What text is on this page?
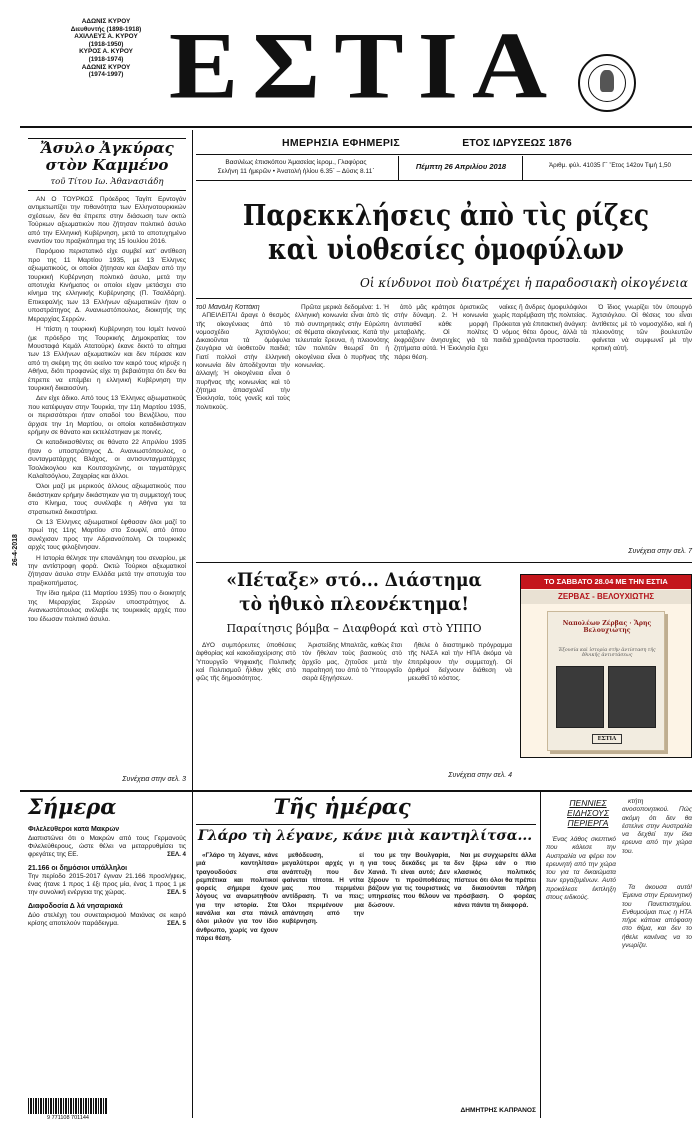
ΑΔΩΝΙΣ ΚΥΡΟΥ
Διευθυντής (1898-1918)
ΑΧΙΛΛΕΥΣ Α. ΚΥΡΟΥ
(1918-1950)
ΚΥΡΟΣ Α. ΚΥΡΟΥ
(1918-1974)
ΑΔΩΝΙΣ ΚΥΡΟΥ
(1974-1997) ΕΣΤΙΑ
ΗΜΕΡΗΣΙΑ ΕΦΗΜΕΡΙΣ	ΕΤΟΣ ΙΔΡΥΣΕΩΣ 1876
Βασιλέως ἐπισκόπου Ἀμασείας ἱερομ., Γλαφύρας
Σελήνη 11 ἡμερῶν • Ἀνατολή ἡλίου 6.35΄ – Δύσις 8.11΄
Πέμπτη 26 Απριλίου 2018	Ἀριθμ. φύλ. 41035 Γ΄ Ἔτος 142ον Τιμή 1,50
Ἄσυλο Ἀγκύρας
στὸν Καμμένο
τοῦ Τίτου Ιω. Ἀθανασιάδη
26-4-2018

ΑΝ Ο ΤΟΥΡΚΟΣ Πρόεδρος Ταγίπ Ερντογάν αντιμετωπίζει την πιθανότητα των Ελληνοτουρκικών σχέσεων, δεν θα έπρεπε στην διάσωση των οκτώ Τούρκων αξιωματικών που ζήτησαν πολιτικό άσυλο από την Ελληνική Κυβέρνηση, μετά το αποτυχημένο εναντίον του πραξικόπημα της 15 Ιουλίου 2016.

Παρόμοιο περιστατικό είχε συμβεί κατ’ αντίθεση προ της 11 Μαρτίου 1935, με 13 Έλληνες αξιωματικούς, οι οποίοι ζήτησαν και έλαβαν από την τουρκική Κυβέρνηση πολιτικό άσυλο, μετά την αποτυχία Κινήματος οι οποίοι είχαν μετάσχει στο κίνημα της ελληνικής Κυβέρνησης (Π. Τσαλδάρη). Επικεφαλής των 13 Ελλήνων αξιωματικών ήταν ο υποστράτηγος Δ. Ανανιωστόπουλος, διοικητής της Μεραρχίας Σερρών.

Η ‘πίστη η τουρκική Κυβέρνηση του Ισμέτ Ινονού (με πρόεδρο της Τουρκικής Δημοκρατίας τον Μουσταφά Κεμάλ Ατατούρκ) έκανε δεκτό το αίτημα των 13 Ελλήνων αξιωματικών και δεν πέρασε καν από τη σκέψη της ότι εκείνο τον καιρό τους κήρυξε η Αθήνα, διότι προφανώς είχε τη βεβαιότητα ότι δεν θα έπρεπε να επέμβει η ελληνική Κυβέρνηση την τουρκική δικαιοσύνη.

Δεν είχε άδικο. Από τους 13 Έλληνες αξιωματικούς που κατέφυγαν στην Τουρκία, την 11η Μαρτίου 1935, οι περισσότεροι ήταν οπαδοί του Βενιζέλου, που άρχισε την 1η Μαρτίου, οι οποίοι καταδικάστηκαν ερήμην σε θάνατο και εκτελέστηκαν με ποινές.

Οι καταδικασθέντες σε θάνατο 22 Απριλίου 1935 ήταν ο υποστράτηγος Δ. Ανανιωστόπουλος, ο συνταγματάρχης Βλάχος, οι αντισυνταγματάρχες Τσολάκογλου και Κουτσοχιώνης, οι ταγματάρχες Καλαϊτσόγλου, Ζαχαρίας και άλλοι.

Όλοι μαζί με μερικούς άλλους αξιωματικούς που δικάστηκαν ερήμην δικάστηκαν για τη συμμετοχή τους στο Κίνημα, τους συνέλαβε η Αθήνα για τα στρατιωτικά δικαστήρια.

Οι 13 Έλληνες αξιωματικοί έφθασαν όλοι μαζί το πρωί της 11ης Μαρτίου στο Σουφλί, από όπου συνέχισαν προς την Αδριανούπολη. Οι τουρκικές αρχές τους φιλοξένησαν.

Η Ιστορία θέλησε την επανάληψη του σεναρίου, με την αντίστροφη φορά. Οκτώ Τούρκοι αξιωματικοί ζήτησαν άσυλο στην Ελλάδα μετά την αποτυχία του πραξικοπήματος.

Την ίδια ημέρα (11 Μαρτίου 1935) που ο διοικητής της Μεραρχίας Σερρών υποστράτηγος Δ. Ανανιωστόπουλος ανέλαβε τις τουρκικές αρχές που του έδωσαν πολιτικό άσυλο.

Συνέχεια στην σελ. 3
Παρεκκλήσεις ἀπὸ τὶς ρίζες
καὶ υἱοθεσίες ὁμοφύλων
Οἱ κίνδυνοι ποὺ διατρέχει ἡ παραδοσιακὴ οἰκογένεια
τοῦ Μανόλη Κοττάκη

ΑΠΕΙΛΕΙΤΑΙ ἄραγε ὁ θεσμὸς τῆς οἰκογένειας ἀπὸ τὸ νομοσχέδιο Ἀχτσιόγλου; Δικαιοῦνται τὰ ὁμόφυλα ζευγάρια νὰ ὑιοθετοῦν παιδιά; Γιατί πολλοὶ στὴν ἑλληνικὴ κοινωνία δὲν ἀποδέχονται τὴν ἀλλαγή; Ἡ οἰκογένεια εἶναι ὁ πυρῆνας τῆς κοινωνίας καὶ τὸ ζήτημα ἀπασχολεῖ τὴν Ἐκκλησία, τοὺς γονεῖς καὶ τοὺς πολιτικοὺς.

Πρῶτα μερικὰ δεδομένα: 1. Ἡ ἑλληνικὴ κοινωνία εἶναι ἀπὸ τὶς πιὸ συντηρητικὲς στὴν Εὐρώπη σὲ θέματα οἰκογένειας. Κατὰ τὴν τελευταία ἔρευνα, ἡ πλειονότης τῶν πολιτῶν θεωρεῖ ὅτι ἡ οἰκογένεια εἶναι ὁ πυρῆνας τῆς κοινωνίας.

ἀπὸ μᾶς κράτησε ὁριστικῶς στὴν δύναμη. 2. Ἡ κοινωνία ἀντιπαθεῖ κάθε μορφὴ μεταβολῆς. Οἱ πολίτες ἐκφράζουν ἀνησυχίες γιὰ τὰ ζητήματα αὐτά. Ἡ Ἐκκλησία ἔχει πάρει θέση.

ναίκες ἢ ἄνδρες ὁμοφυλόφιλοι χωρὶς παρέμβαση τῆς πολιτείας. Πρόκειται γιὰ ἐπιτακτικὴ ἀνάγκη: Ὁ νόμος θέτει ὅρους, ἀλλὰ τὰ παιδιὰ χρειάζονται προστασία.

Ὁ ἴδιος γνωρίζει τὸν ὑπουργὸ Ἀχτσιόγλου. Οἱ θέσεις του εἶναι ἀντίθετες μὲ τὸ νομοσχέδιο, καὶ ἡ πλειονότης τῶν βουλευτῶν φαίνεται νὰ συμφωνεῖ μὲ τὴν κριτικὴ αὐτή.

Συνέχεια στην σελ. 7
«Πέταξε» στό... Διάστημα
τὸ ἠθικὸ πλεονέκτημα!
Παραίτησις βόμβα – Διαφθορά καὶ στὸ ΥΠΠΟ

ΔΥΟ συμπόρευτες ὑποθέσεις ἀφθορίας καὶ κακοδιαχείρισης στὸ Ὑπουργεῖο Ψηφιακῆς Πολιτικῆς καὶ Πολιτισμοῦ ἦλθαν χθὲς στὸ φῶς τῆς δημοσιότητος.

Ἀριστείδης Μπαλτᾶς, καθὼς ἔτσι τὸν ἤθελαν τοὺς βασικοὺς στὸ ἀρχεῖο μας, ζητοῦσε μετὰ τὴν παραίτησή του ἀπὸ τὸ Ὑπουργεῖο σειρὰ ἐξηγήσεων.

ἤθελε ὁ διαστημικὸ πρόγραμμα τῆς ΝΑΣΑ καὶ τὴν ΗΠΑ ἀκόμα νὰ ἐπιτρέψουν τὴν συμμετοχὴ. Οἱ ἀριθμοὶ δείχνουν διάθεση νὰ μειωθεῖ τὸ κόστος.

Συνέχεια στην σελ. 4
ΤΟ ΣΑΒΒΑΤΟ 28.04 ΜΕ ΤΗΝ ΕΣΤΙΑ
ΖΕΡΒΑΣ - ΒΕΛΟΥΧΙΩΤΗΣ
Ναπολέων Ζέρβας · Ἄρης Βελουχιώτης
Ἐξουσία καὶ ἱστορία στὴν ἀντίσταση τῆς ἐθνικῆς ἀντιστάσεως
ΕΣΤΙΑ
Σήμερα
Φιλελεύθεροι κατά Μακρών
Διαπιστώνει ότι ο Μακρών από τους Γερμανούς Φιλελεύθερους, ώστε θέλει να μεταρρυθμίσει τις φρεγάτες της ΕΕ.	ΣΕΛ. 4
21.166 οι δημόσιοι υπάλληλοι
Την περίοδο 2015-2017 έγιναν 21.166 προσλήψεις, ένας ήτανε 1 προς 1 έξι προς μία, ένας 1 προς 1 με την συνολική ενέργεια της χώρας.	ΣΕΛ. 5
Διαφοδοσία Δ λά νησαριακά
Δύο στελέχη του συνεταιρισμού Μαιάνας σε καιρό κρίσης αποτελούν παράδειγμα.	ΣΕΛ. 5
9 771108 701144
Τῆς ἡμέρας
Γλάρο τὴ λέγανε, κάνε μιὰ καντηλίτσα...

«Γλάρο τη λέγανε, κάνε μιά καντηλίτσα» τραγουδούσε στα ρεμπέτικα και πολιτικοί φορείς σήμερα έχουν λόγους να αναρωτηθούν για την ιστορία. Στα κανάλια και στα πάνελ όλοι μιλούν για τον ίδιο άνθρωπο, χωρίς να έχουν πάρει θέση.

μεθόδευση, εί μεγαλύτεροι αρχές γι η ανάπτυξη που δεν φαίνεται τίποτα. Η ντίτα μας που περιμένει αντίδραση. Τι να πεις; Όλοι περιμένουν μια απάντηση από την κυβέρνηση.

του με την Βουλγαρία, για τους δεκάδες με τα Χανιά. Τι είναι αυτό; Δεν ξέρουν τι προϋποθέσεις βάζουν για τις τουριστικές υπηρεσίες που θέλουν να δώσουν.

Ναι με συγχωρείτε άλλα δεν ξέρω εάν ο πιο κλασικός πολιτικός πίστευε ότι όλοι θα πρέπει να δικαιούνται πλήρη πρόσβαση. Ο φορέας κάνει πάντα τη διαφορά.

ΔΗΜΗΤΡΗΣ ΚΑΠΡΑΝΟΣ
ΠΕΝΝΙΕΣ
ΕΙΔΗΣΟΥΣ
ΠΕΡΙΕΡΓΑ

Ένας λάθος σκεπτικό που κάλεσε την Αυστραλία να φέρει τον ερευνητή από την χώρα του για τα δικαιώματα των εργαζομένων. Αυτό προκάλεσε έκπληξη στους ειδικούς.

κτήτη ανοσοποιητικού. Πώς ακόμη ότι δεν θα έστελνε στην Αυστραλία να δεχθεί την ίδια ερευνα από την χώρα του.

Τα άκουσα αυτά! Έμεινα στην Ερευνητική του Πανεπιστημίου. Ενθυμούμαι πως η ΗΤΑ πήρε κάποια απόφαση στο θέμα, και δεν το ήθελε κανένας να το γνωρίζει.
